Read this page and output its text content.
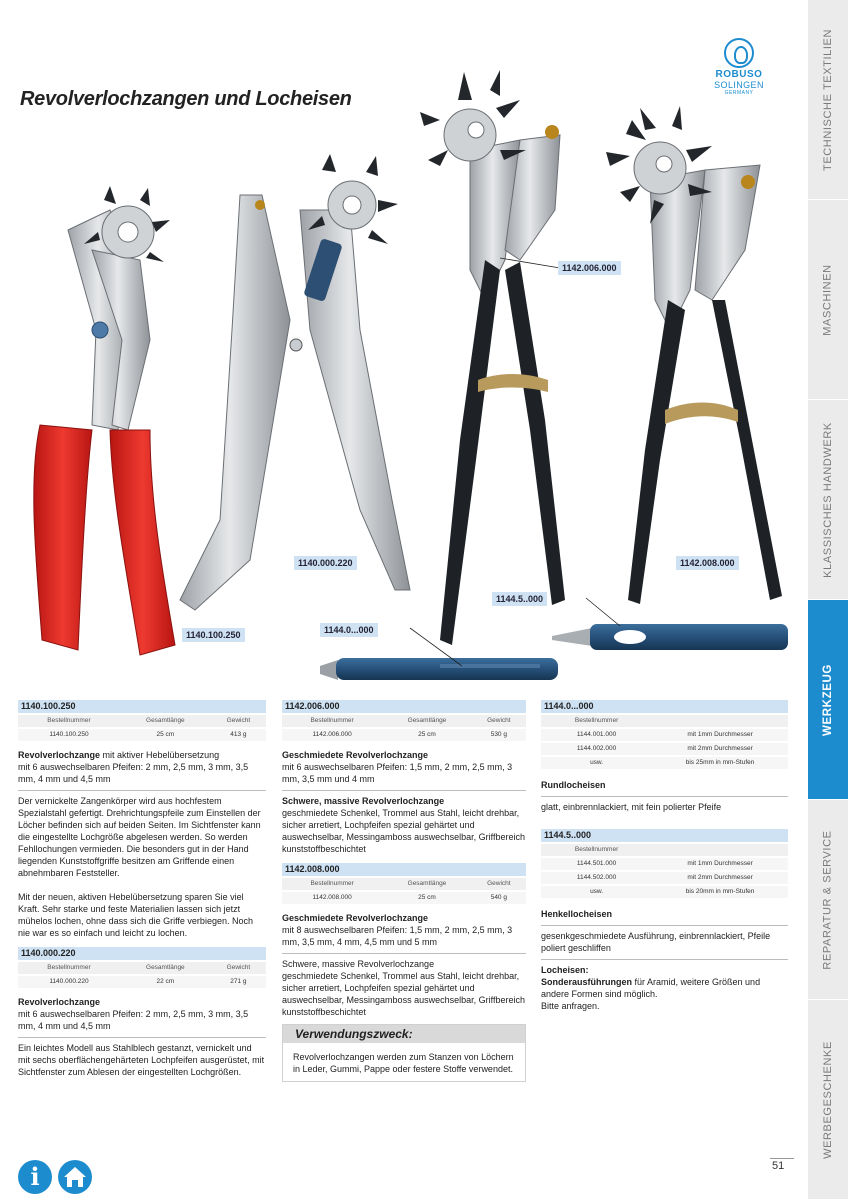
TECHNISCHE TEXTILIEN
MASCHINEN
KLASSISCHES HANDWERK
WERKZEUG
REPARATUR & SERVICE
WERBEGESCHENKE
Revolverlochzangen und Locheisen
ROBUSO
SOLINGEN
GERMANY
1140.100.250
1140.000.220
1142.006.000
1142.008.000
1144.0...000
1144.5..000
1140.100.250
Bestellnummer	Gesamtlänge	Gewicht
1140.100.250	25 cm	413 g
Revolverlochzange mit aktiver Hebelübersetzung
mit 6 auswechselbaren Pfeifen: 2 mm, 2,5 mm, 3 mm, 3,5 mm, 4 mm und 4,5 mm
Der vernickelte Zangenkörper wird aus hochfestem Spezialstahl gefertigt. Drehrichtungspfeile zum Einstellen der Löcher befinden sich auf beiden Seiten. Im Sichtfenster kann die eingestellte Lochgröße abgelesen werden. So werden Fehllochungen vermieden. Die besonders gut in der Hand liegenden Kunststoffgriffe besitzen am Griffende einen abnehmbaren Feststeller.
Mit der neuen, aktiven Hebelübersetzung sparen Sie viel Kraft. Sehr starke und feste Materialien lassen sich jetzt mühelos lochen, ohne dass sich die Griffe verbiegen. Noch nie war es so einfach und leicht zu lochen.
1140.000.220
Bestellnummer	Gesamtlänge	Gewicht
1140.000.220	22 cm	271 g
Revolverlochzange
mit 6 auswechselbaren Pfeifen: 2 mm, 2,5 mm, 3 mm, 3,5 mm, 4 mm und 4,5 mm
Ein leichtes Modell aus Stahlblech gestanzt, vernickelt und mit sechs oberflächengehärteten Lochpfeifen ausgerüstet, mit Sichtfenster zum Ablesen der eingestellten Lochgrößen.
1142.006.000
Bestellnummer	Gesamtlänge	Gewicht
1142.006.000	25 cm	530 g
Geschmiedete Revolverlochzange
mit 6 auswechselbaren Pfeifen: 1,5 mm, 2 mm, 2,5 mm, 3 mm, 3,5 mm und 4 mm
Schwere, massive Revolverlochzange
geschmiedete Schenkel, Trommel aus Stahl, leicht drehbar, sicher arretiert, Lochpfeifen spezial gehärtet und auswechselbar, Messingamboss auswechselbar, Griffbereich kunststoffbeschichtet
1142.008.000
Bestellnummer	Gesamtlänge	Gewicht
1142.008.000	25 cm	540 g
Geschmiedete Revolverlochzange
mit 8 auswechselbaren Pfeifen: 1,5 mm, 2 mm, 2,5 mm, 3 mm, 3,5 mm, 4 mm, 4,5 mm und 5 mm
Schwere, massive Revolverlochzange
geschmiedete Schenkel, Trommel aus Stahl, leicht drehbar, sicher arretiert, Lochpfeifen spezial gehärtet und auswechselbar, Messingamboss auswechselbar, Griffbereich kunststoffbeschichtet
Verwendungszweck:
Revolverlochzangen werden zum Stanzen von Löchern in Leder, Gummi, Pappe oder festere Stoffe verwendet.
1144.0...000
Bestellnummer	
1144.001.000	mit 1mm Durchmesser
1144.002.000	mit 2mm Durchmesser
usw.	bis 25mm in mm-Stufen
Rundlocheisen
glatt, einbrennlackiert, mit fein polierter Pfeife
1144.5..000
Bestellnummer	
1144.501.000	mit 1mm Durchmesser
1144.502.000	mit 2mm Durchmesser
usw.	bis 20mm in mm-Stufen
Henkellocheisen
gesenkgeschmiedete Ausführung, einbrennlackiert, Pfeile poliert geschliffen
Locheisen:
Sonderausführungen für Aramid, weitere Größen und andere Formen sind möglich.
Bitte anfragen.
i	51
